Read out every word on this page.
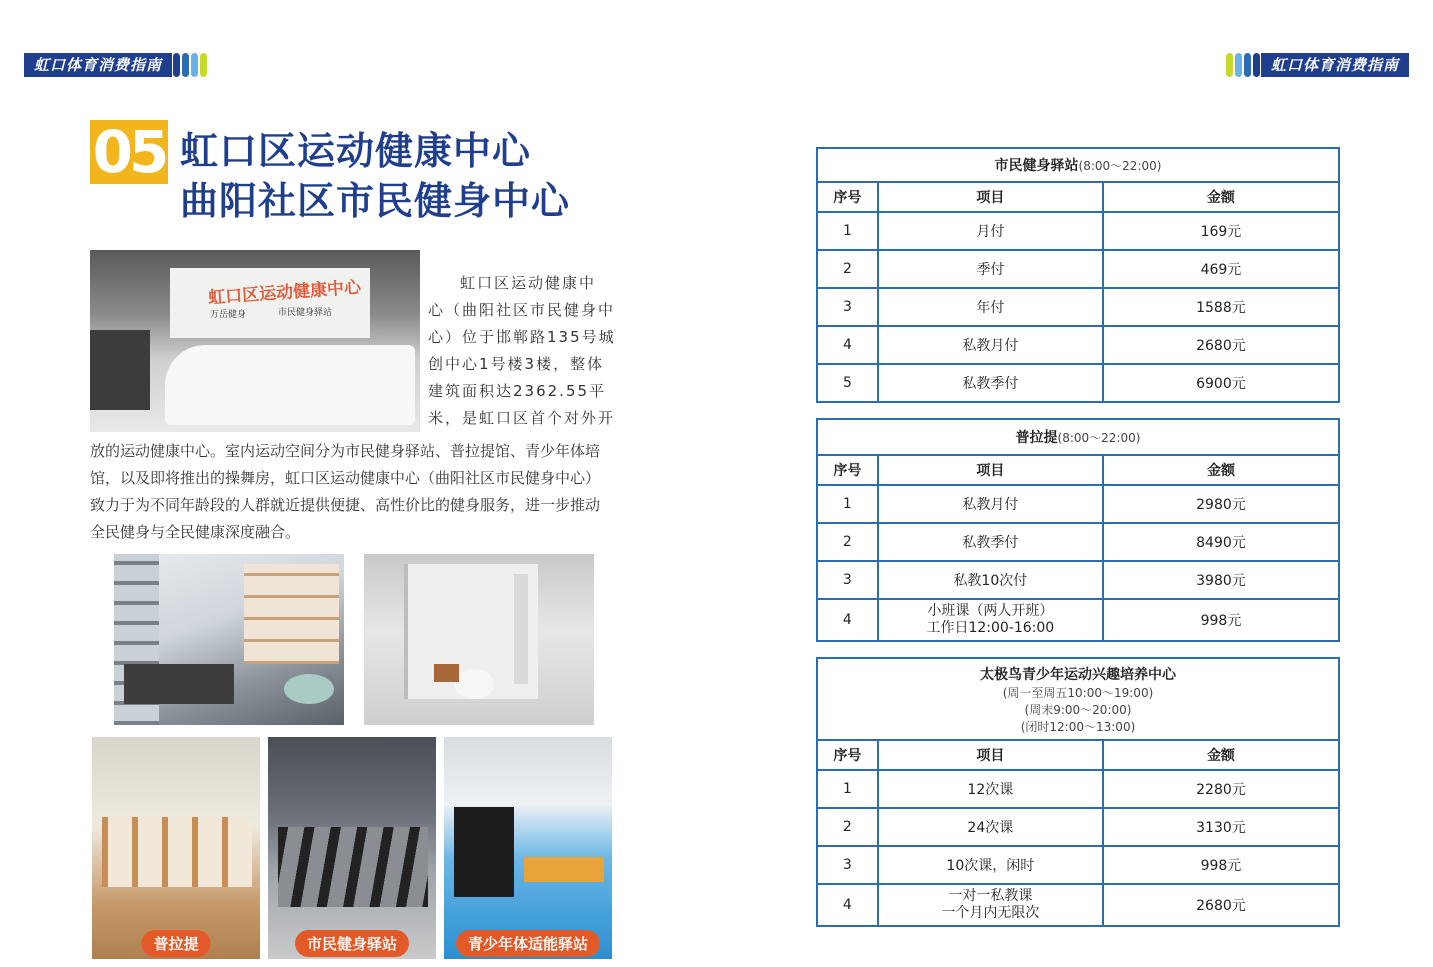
虹口体育消费指南	虹口体育消费指南
05 虹口区运动健康中心
曲阳社区市民健身中心
虹口区运动健康中心
万岳健身	市民健身驿站
虹口区运动健康中
心（曲阳社区市民健身中
心）位于邯郸路135号城
创中心1号楼3楼，整体
建筑面积达2362.55平
米，是虹口区首个对外开
放的运动健康中心。室内运动空间分为市民健身驿站、普拉提馆、青少年体培馆，以及即将推出的操舞房，虹口区运动健康中心（曲阳社区市民健身中心）致力于为不同年龄段的人群就近提供便捷、高性价比的健身服务，进一步推动全民健身与全民健康深度融合。
普拉提	市民健身驿站	青少年体适能驿站
市民健身驿站(8:00～22:00)		
序号	项目	金额
1	月付	169元
2	季付	469元
3	年付	1588元
4	私教月付	2680元
5	私教季付	6900元
普拉提(8:00～22:00)		
序号	项目	金额
1	私教月付	2980元
2	私教季付	8490元
3	私教10次付	3980元
4	小班课（两人开班）
工作日12:00-16:00	998元
太极鸟青少年运动兴趣培养中心
(周一至周五10:00～19:00)
(周末9:00～20:00)
(闭时12:00～13:00)		

序号	项目	金额
1	12次课	2280元
2	24次课	3130元
3	10次课，闲时	998元
4	一对一私教课
一个月内无限次	2680元
